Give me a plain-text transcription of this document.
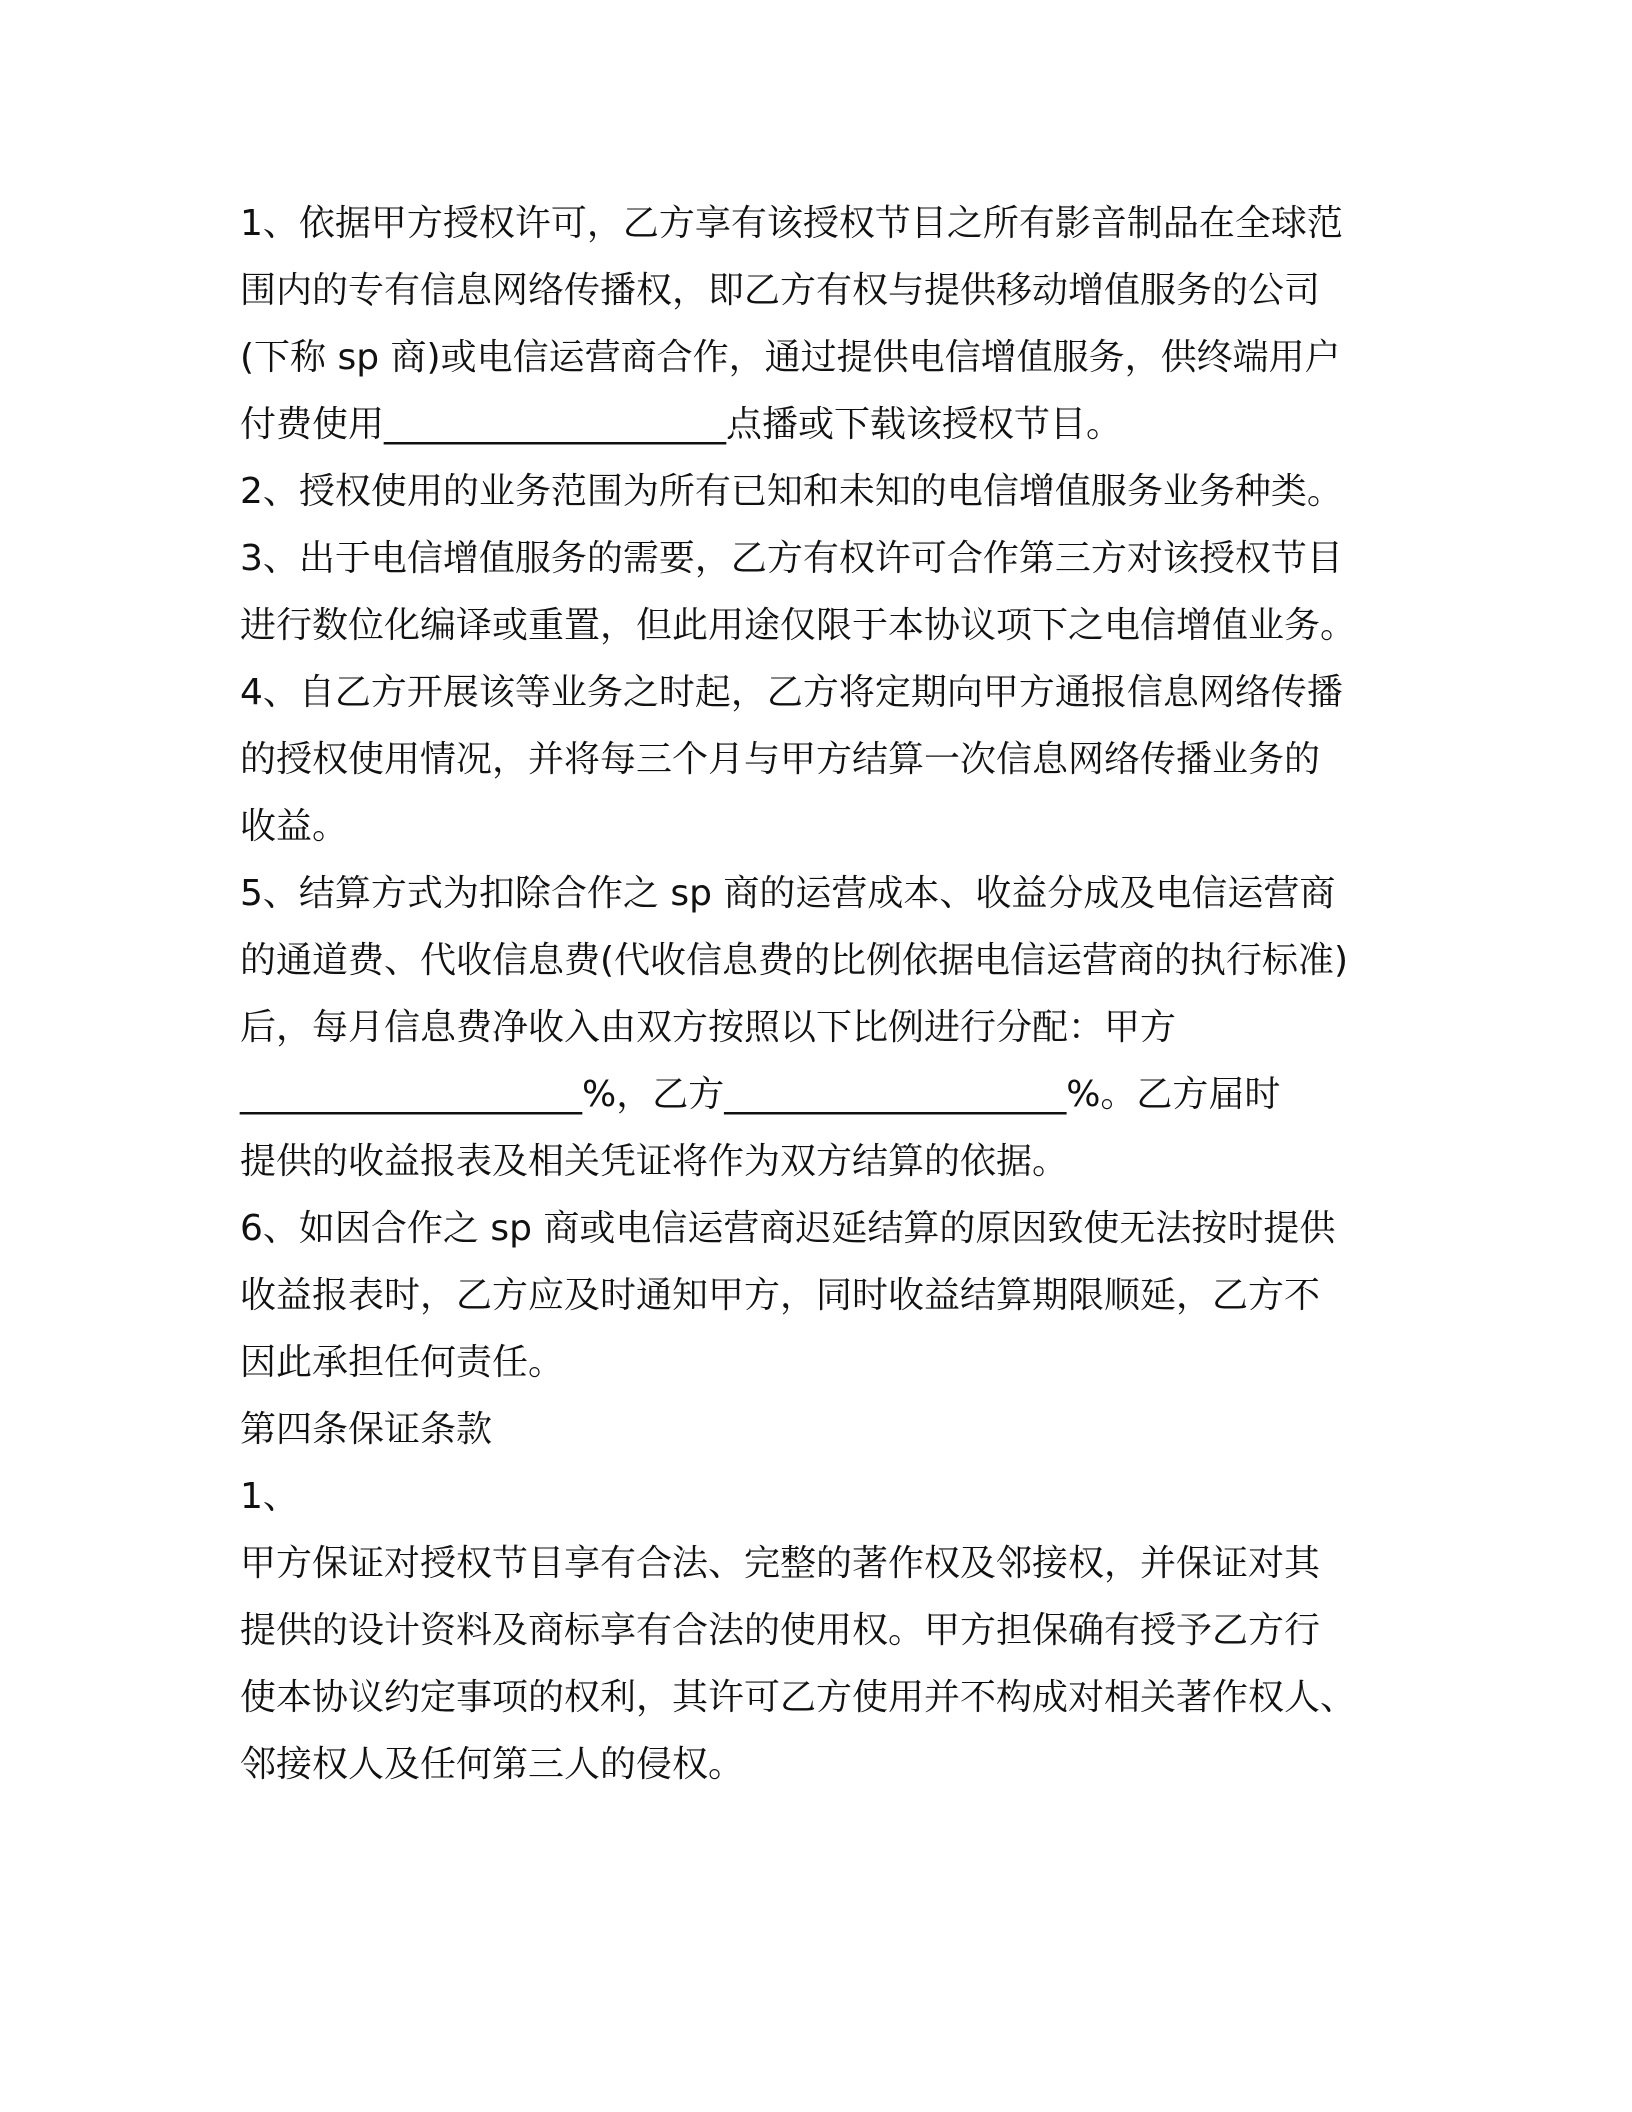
1、依据甲方授权许可，乙方享有该授权节目之所有影音制品在全球范
围内的专有信息网络传播权，即乙方有权与提供移动增值服务的公司
(下称 sp 商)或电信运营商合作，通过提供电信增值服务，供终端用户
付费使用___________________点播或下载该授权节目。
2、授权使用的业务范围为所有已知和未知的电信增值服务业务种类。
3、出于电信增值服务的需要，乙方有权许可合作第三方对该授权节目
进行数位化编译或重置，但此用途仅限于本协议项下之电信增值业务。
4、自乙方开展该等业务之时起，乙方将定期向甲方通报信息网络传播
的授权使用情况，并将每三个月与甲方结算一次信息网络传播业务的
收益。
5、结算方式为扣除合作之 sp 商的运营成本、收益分成及电信运营商
的通道费、代收信息费(代收信息费的比例依据电信运营商的执行标准)
后，每月信息费净收入由双方按照以下比例进行分配：甲方
___________________%，乙方___________________%。乙方届时
提供的收益报表及相关凭证将作为双方结算的依据。
6、如因合作之 sp 商或电信运营商迟延结算的原因致使无法按时提供
收益报表时，乙方应及时通知甲方，同时收益结算期限顺延，乙方不
因此承担任何责任。
第四条保证条款
1、
甲方保证对授权节目享有合法、完整的著作权及邻接权，并保证对其
提供的设计资料及商标享有合法的使用权。甲方担保确有授予乙方行
使本协议约定事项的权利，其许可乙方使用并不构成对相关著作权人、
邻接权人及任何第三人的侵权。
